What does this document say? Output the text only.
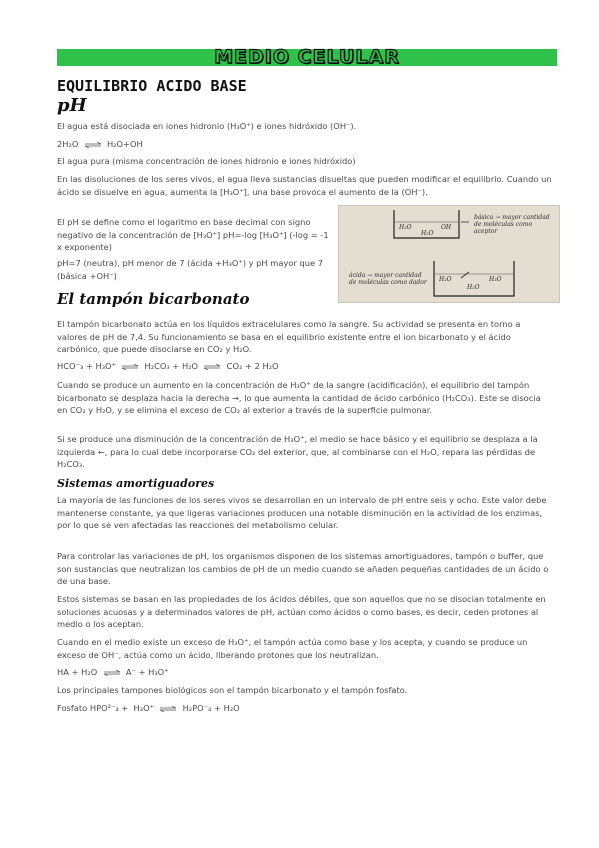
MEDIO CELULAR
EQUILIBRIO ACIDO BASE
pH
El agua está disociada en iones hidronio (H₃O⁺) e iones hidróxido (OH⁻).
2H₂O ⇌ H₂O+OH
El agua pura (misma concentración de iones hidronio e iones hidróxido)
En las disoluciones de los seres vivos, el agua lleva sustancias disueltas que pueden modificar el equilibrio. Cuando un ácido se disuelve en agua, aumenta la [H₃O⁺], una base provoca el aumento de la (OH⁻).
El pH se define como el logaritmo en base decimal con signo negativo de la concentración de [H₃O⁺] pH=-log [H₃O⁺] (-log = -1 x exponente)
pH=7 (neutra), pH menor de 7 (ácida +H₃O⁺) y pH mayor que 7 (básica +OH⁻)
básica → mayor cantidad de moléculas como aceptor
ácida → mayor cantidad de moléculas como dador
H₃O
H₂O
OH
H₂O
H₂O
H₃O
El tampón bicarbonato
El tampón bicarbonato actúa en los líquidos extracelulares como la sangre. Su actividad se presenta en torno a valores de pH de 7,4. Su funcionamiento se basa en el equilibrio existente entre el ion bicarbonato y el ácido carbónico, que puede disociarse en CO₂ y H₂O.
HCO⁻₃ + H₃O⁺ ⇌ H₂CO₃ + H₂O ⇌ CO₂ + 2 H₂O
Cuando se produce un aumento en la concentración de H₃O⁺ de la sangre (acidificación), el equilibrio del tampón bicarbonato se desplaza hacia la derecha →, lo que aumenta la cantidad de ácido carbónico (H₂CO₃). Este se disocia en CO₂ y H₂O, y se elimina el exceso de CO₂ al exterior a través de la superficie pulmonar.
Si se produce una disminución de la concentración de H₃O⁺, el medio se hace básico y el equilibrio se desplaza a la izquierda ←, para lo cual debe incorporarse CO₂ del exterior, que, al combinarse con el H₂O, repara las pérdidas de H₂CO₃.
Sistemas amortiguadores
La mayoría de las funciones de los seres vivos se desarrollan en un intervalo de pH entre seis y ocho. Este valor debe mantenerse constante, ya que ligeras variaciones producen una notable disminución en la actividad de los enzimas, por lo que se ven afectadas las reacciones del metabolismo celular.
Para controlar las variaciones de pH, los organismos disponen de los sistemas amortiguadores, tampón o buffer, que son sustancias que neutralizan los cambios de pH de un medio cuando se añaden pequeñas cantidades de un ácido o de una base.
Estos sistemas se basan en las propiedades de los ácidos débiles, que son aquellos que no se disocian totalmente en soluciones acuosas y a determinados valores de pH, actúan como ácidos o como bases, es decir, ceden protones al medio o los aceptan.
Cuando en el medio existe un exceso de H₃O⁺, el tampón actúa como base y los acepta, y cuando se produce un exceso de OH⁻, actúa como un ácido, liberando protones que los neutralizan.
HA + H₂O ⇌ A⁻ + H₃O⁺
Los principales tampones biológicos son el tampón bicarbonato y el tampón fosfato.
Fosfato HPO²⁻₄ +  H₃O⁺ ⇌ H₂PO⁻₄ + H₂O
